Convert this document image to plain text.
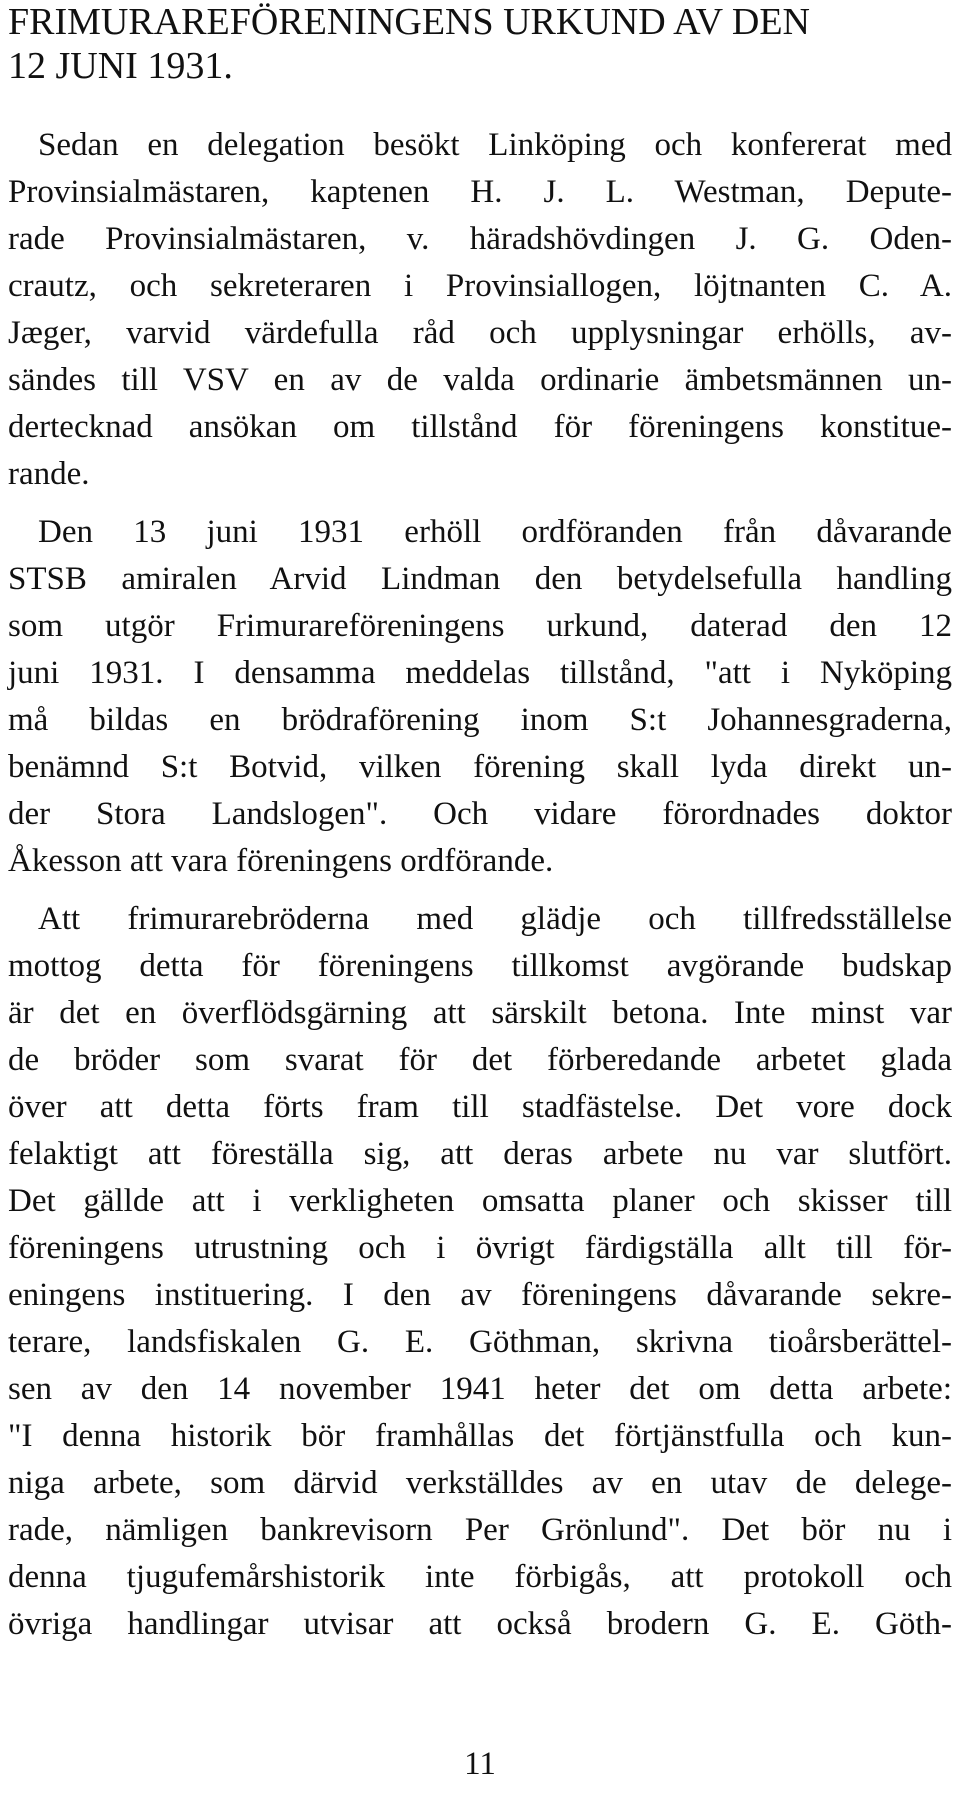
FRIMURAREFÖRENINGENS URKUND AV DEN
12 JUNI 1931.
Sedan en delegation besökt Linköping och konfererat med
Provinsialmästaren, kaptenen H. J. L. Westman, Depute-
rade Provinsialmästaren, v. häradshövdingen J. G. Oden-
crautz, och sekreteraren i Provinsiallogen, löjtnanten C. A.
Jæger, varvid värdefulla råd och upplysningar erhölls, av-
sändes till VSV en av de valda ordinarie ämbetsmännen un-
dertecknad ansökan om tillstånd för föreningens konstitue-
rande.
Den 13 juni 1931 erhöll ordföranden från dåvarande
STSB amiralen Arvid Lindman den betydelsefulla handling
som utgör Frimurareföreningens urkund, daterad den 12
juni 1931. I densamma meddelas tillstånd, "att i Nyköping
må bildas en brödraförening inom S:t Johannesgraderna,
benämnd S:t Botvid, vilken förening skall lyda direkt un-
der Stora Landslogen". Och vidare förordnades doktor
Åkesson att vara föreningens ordförande.
Att frimurarebröderna med glädje och tillfredsställelse
mottog detta för föreningens tillkomst avgörande budskap
är det en överflödsgärning att särskilt betona. Inte minst var
de bröder som svarat för det förberedande arbetet glada
över att detta förts fram till stadfästelse. Det vore dock
felaktigt att föreställa sig, att deras arbete nu var slutfört.
Det gällde att i verkligheten omsatta planer och skisser till
föreningens utrustning och i övrigt färdigställa allt till för-
eningens instituering. I den av föreningens dåvarande sekre-
terare, landsfiskalen G. E. Göthman, skrivna tioårsberättel-
sen av den 14 november 1941 heter det om detta arbete:
"I denna historik bör framhållas det förtjänstfulla och kun-
niga arbete, som därvid verkställdes av en utav de delege-
rade, nämligen bankrevisorn Per Grönlund". Det bör nu i
denna tjugufemårshistorik inte förbigås, att protokoll och
övriga handlingar utvisar att också brodern G. E. Göth-
11
